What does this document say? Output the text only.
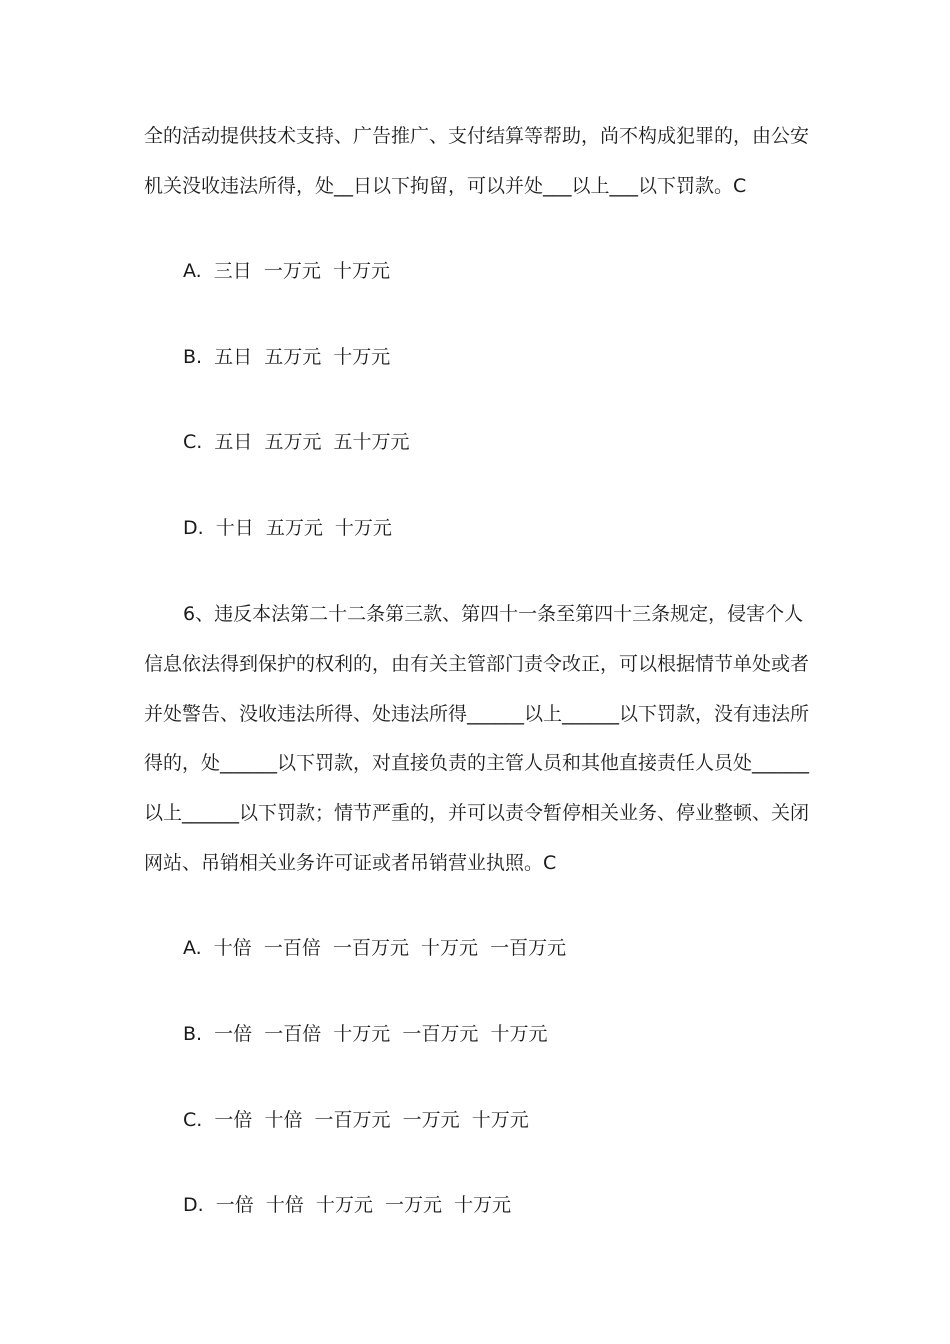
全的活动提供技术支持、广告推广、支付结算等帮助，尚不构成犯罪的，由公安
机关没收违法所得，处__日以下拘留，可以并处___以上___以下罚款。C
A.  三日  一万元  十万元
B.  五日  五万元  十万元
C.  五日  五万元  五十万元
D.  十日  五万元  十万元
6、违反本法第二十二条第三款、第四十一条至第四十三条规定，侵害个人
信息依法得到保护的权利的，由有关主管部门责令改正，可以根据情节单处或者
并处警告、没收违法所得、处违法所得______以上______以下罚款，没有违法所
得的，处______以下罚款，对直接负责的主管人员和其他直接责任人员处______
以上______以下罚款；情节严重的，并可以责令暂停相关业务、停业整顿、关闭
网站、吊销相关业务许可证或者吊销营业执照。C
A.  十倍  一百倍  一百万元  十万元  一百万元
B.  一倍  一百倍  十万元  一百万元  十万元
C.  一倍  十倍  一百万元  一万元  十万元
D.  一倍  十倍  十万元  一万元  十万元
